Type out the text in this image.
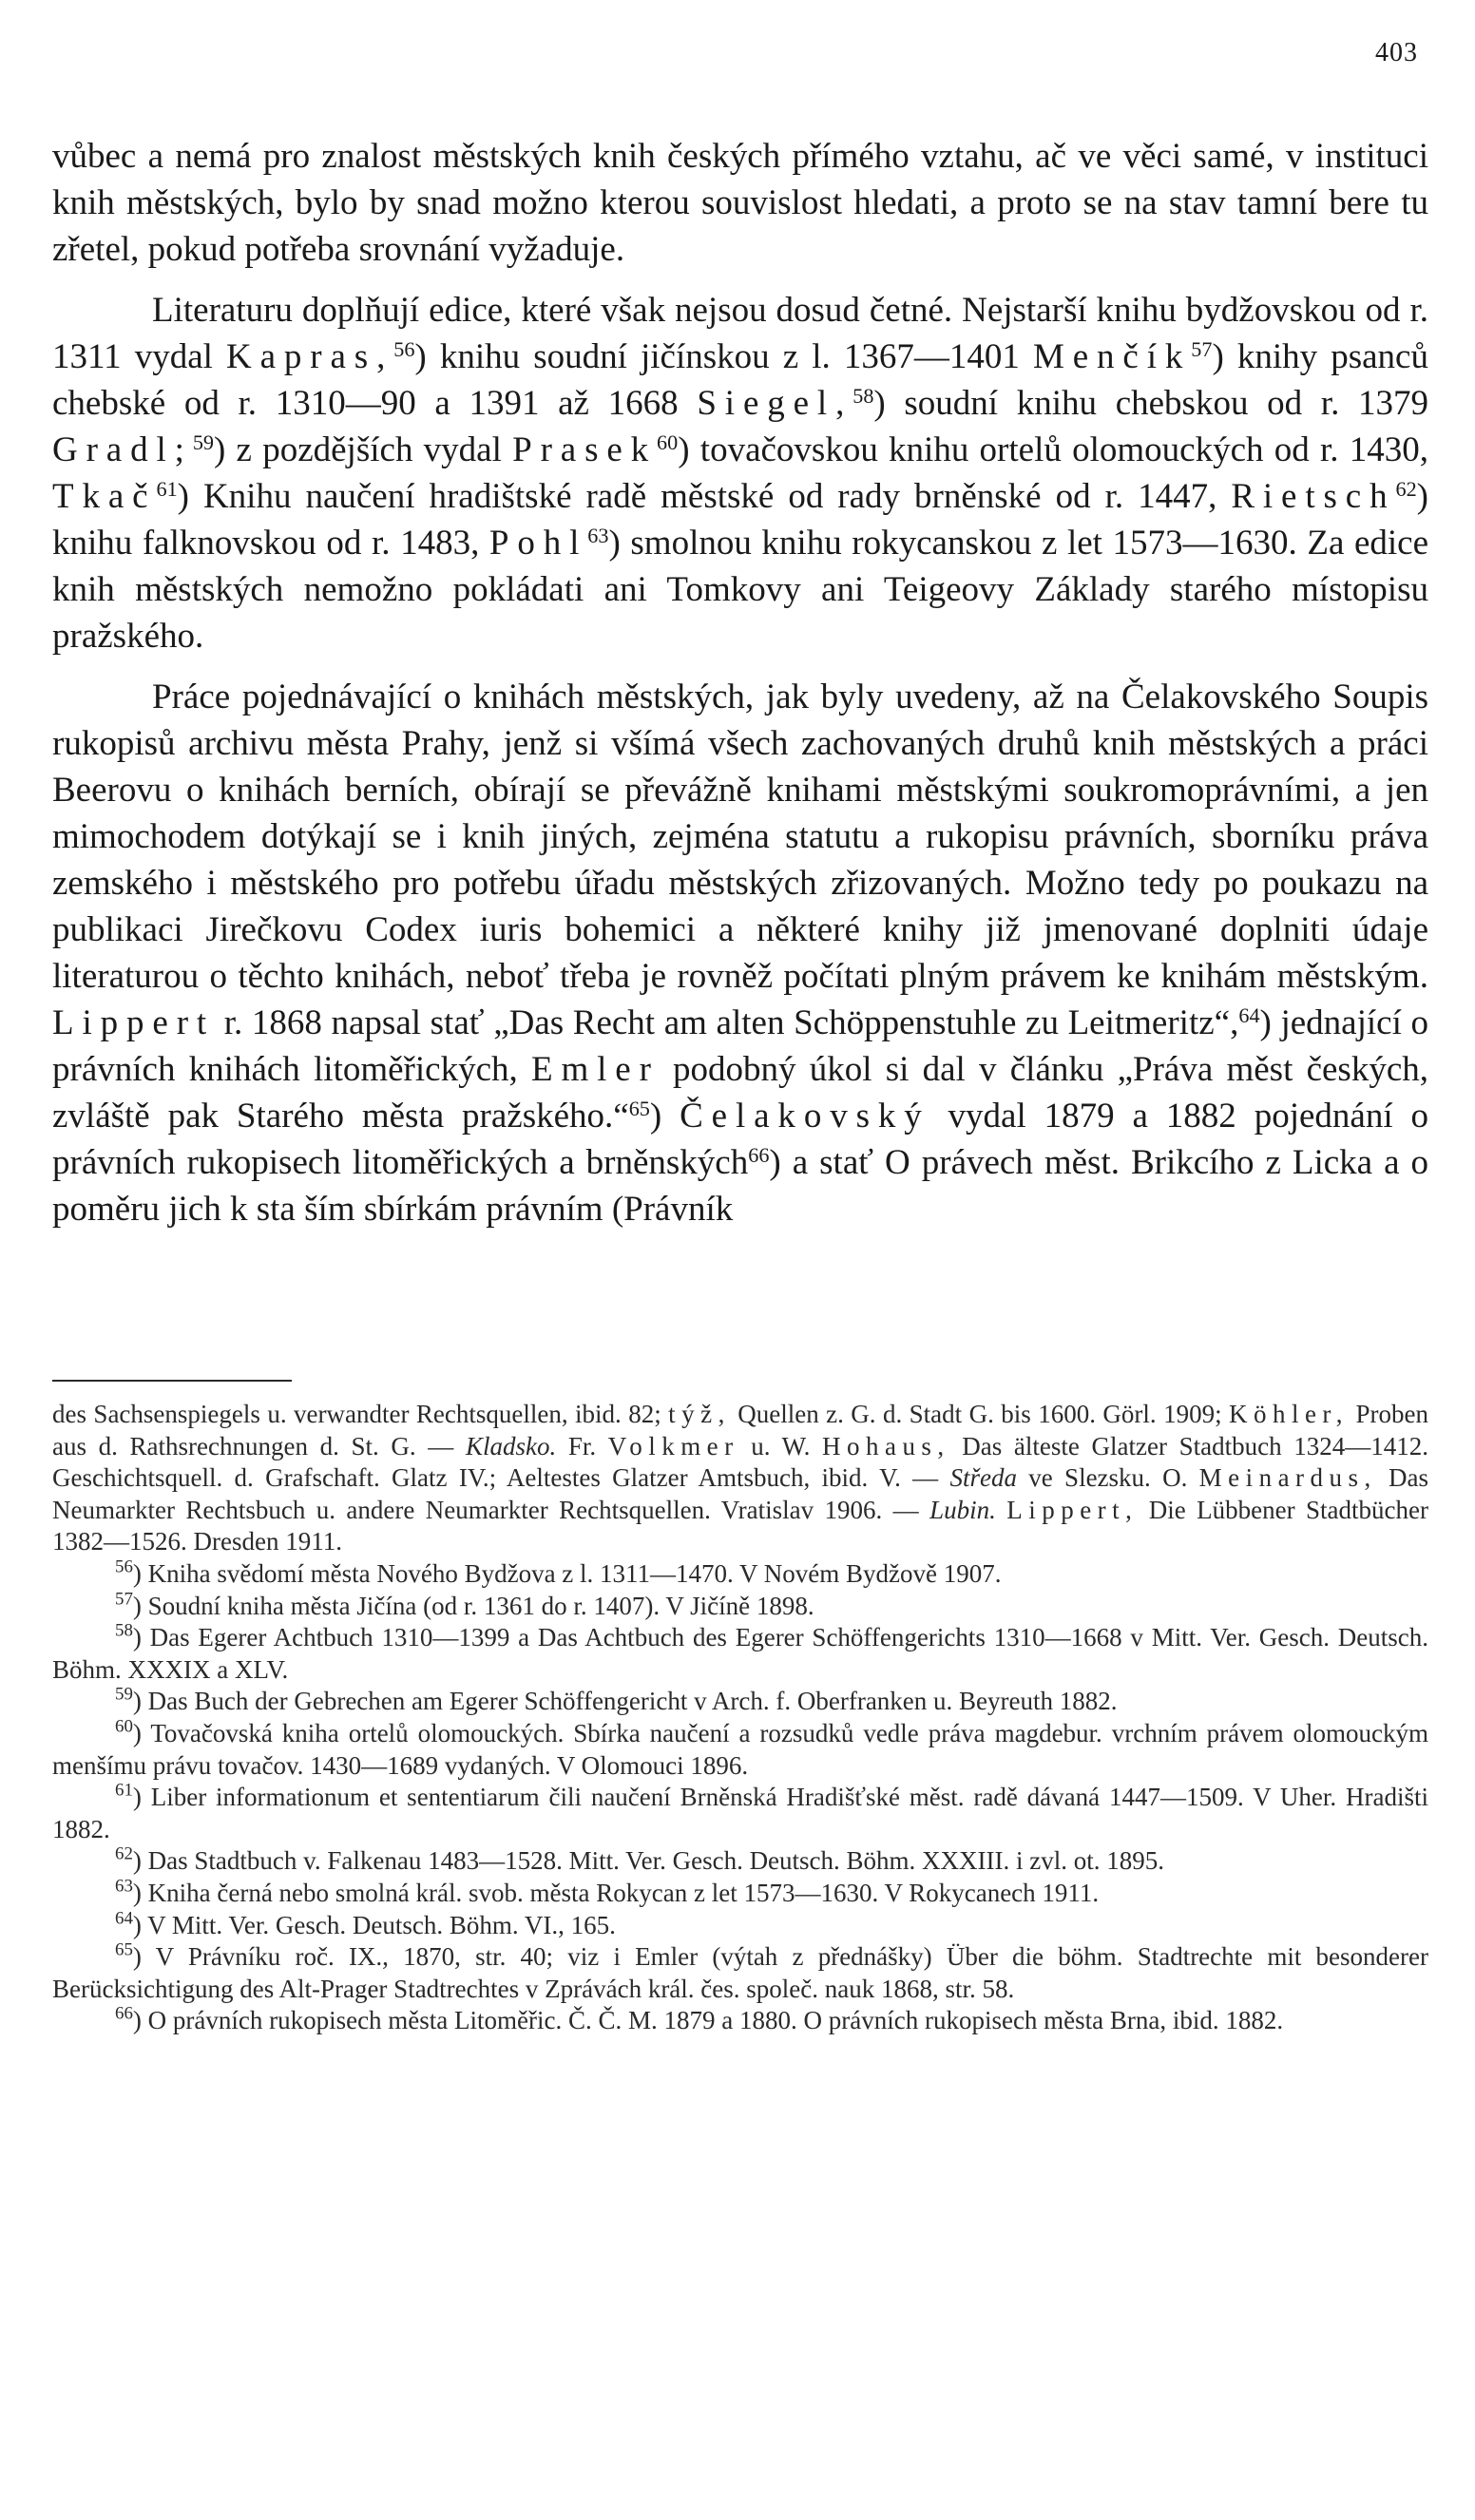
403

vůbec a nemá pro znalost městských knih českých přímého vztahu, ač ve věci samé, v instituci knih městských, bylo by snad možno kterou souvislost hledati, a proto se na stav tamní bere tu zřetel, pokud potřeba srovnání vyžaduje.

Literaturu doplňují edice, které však nejsou dosud četné. Nejstarší knihu bydžovskou od r. 1311 vydal Kapras,$^{56}$) knihu soudní jičínskou z l. 1367—1401 Menčík$^{57}$) knihy psanců chebské od r. 1310—90 a 1391 až 1668 Siegel,$^{58}$) soudní knihu chebskou od r. 1379 Gradl;$^{59}$) z pozdějších vydal Prasek$^{60}$) tovačovskou knihu ortelů olomouckých od r. 1430, Tkač$^{61}$) Knihu naučení hradištské radě městské od rady brněnské od r. 1447, Rietsch$^{62}$) knihu falknovskou od r. 1483, Pohl$^{63}$) smolnou knihu rokycanskou z let 1573—1630. Za edice knih městských nemožno pokládati ani Tomkovy ani Teigeovy Základy starého místopisu pražského.

Práce pojednávající o knihách městských, jak byly uvedeny, až na Čelakovského Soupis rukopisů archivu města Prahy, jenž si všímá všech zachovaných druhů knih městských a práci Beerovu o knihách berních, obírají se převážně knihami městskými soukromoprávními, a jen mimochodem dotýkají se i knih jiných, zejména statutu a rukopisu právních, sborníku práva zemského i městského pro potřebu úřadu městských zřizovaných. Možno tedy po poukazu na publikaci Jirečkovu Codex iuris bohemici a některé knihy již jmenované doplniti údaje literaturou o těchto knihách, neboť třeba je rovněž počítati plným právem ke knihám městským. Lippert r. 1868 napsal stať „Das Recht am alten Schöppenstuhle zu Leitmeritz“,$^{64}$) jednající o právních knihách litoměřických, Emler podobný úkol si dal v článku „Práva měst českých, zvláště pak Starého města pražského.“$^{65}$) Čelakovský vydal 1879 a 1882 pojednání o právních rukopisech litoměřických a brněnských$^{66}$) a stať O právech měst. Brikcího z Licka a o poměru jich k sta ším sbírkám právním (Právník

des Sachsenspiegels u. verwandter Rechtsquellen, ibid. 82; týž, Quellen z. G. d. Stadt G. bis 1600. Görl. 1909; Köhler, Proben aus d. Rathsrechnungen d. St. G. — Kladsko. Fr. Volkmer u. W. Hohaus, Das älteste Glatzer Stadtbuch 1324—1412. Geschichtsquell. d. Grafschaft. Glatz IV.; Aeltestes Glatzer Amtsbuch, ibid. V. — Středa ve Slezsku. O. Meinardus, Das Neumarkter Rechtsbuch u. andere Neumarkter Rechtsquellen. Vratislav 1906. — Lubin. Lippert, Die Lübbener Stadtbücher 1382—1526. Dresden 1911.

$^{56}$) Kniha svědomí města Nového Bydžova z l. 1311—1470. V Novém Bydžově 1907.

$^{57}$) Soudní kniha města Jičína (od r. 1361 do r. 1407). V Jičíně 1898.

$^{58}$) Das Egerer Achtbuch 1310—1399 a Das Achtbuch des Egerer Schöffengerichts 1310—1668 v Mitt. Ver. Gesch. Deutsch. Böhm. XXXIX a XLV.

$^{59}$) Das Buch der Gebrechen am Egerer Schöffengericht v Arch. f. Oberfranken u. Beyreuth 1882.

$^{60}$) Tovačovská kniha ortelů olomouckých. Sbírka naučení a rozsudků vedle práva magdebur. vrchním právem olomouckým menšímu právu tovačov. 1430—1689 vydaných. V Olomouci 1896.

$^{61}$) Liber informationum et sententiarum čili naučení Brněnská Hradišťské měst. radě dávaná 1447—1509. V Uher. Hradišti 1882.

$^{62}$) Das Stadtbuch v. Falkenau 1483—1528. Mitt. Ver. Gesch. Deutsch. Böhm. XXXIII. i zvl. ot. 1895.

$^{63}$) Kniha černá nebo smolná král. svob. města Rokycan z let 1573—1630. V Rokycanech 1911.

$^{64}$) V Mitt. Ver. Gesch. Deutsch. Böhm. VI., 165.

$^{65}$) V Právníku roč. IX., 1870, str. 40; viz i Emler (výtah z přednášky) Über die böhm. Stadtrechte mit besonderer Berücksichtigung des Alt-Prager Stadtrechtes v Zprávách král. čes. společ. nauk 1868, str. 58.

$^{66}$) O právních rukopisech města Litoměřic. Č. Č. M. 1879 a 1880. O právních rukopisech města Brna, ibid. 1882.
